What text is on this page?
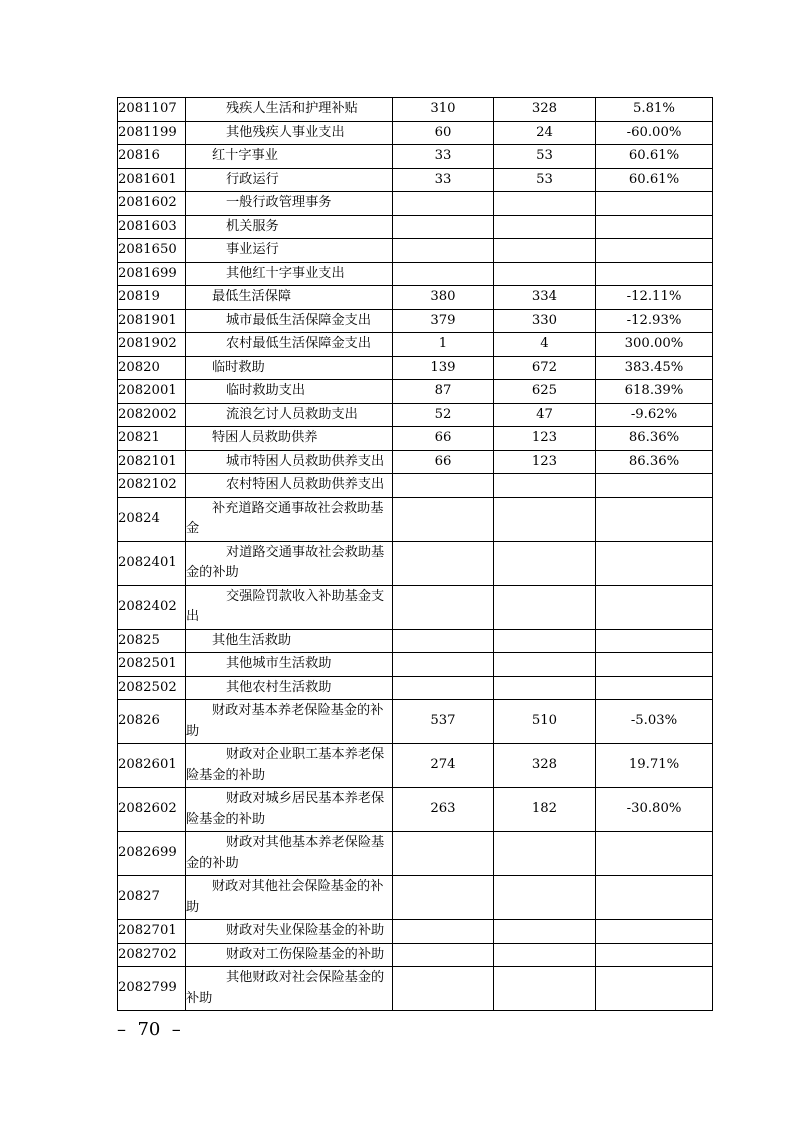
2081107	残疾人生活和护理补贴	310	328	5.81%
2081199	其他残疾人事业支出	60	24	-60.00%
20816	红十字事业	33	53	60.61%
2081601	行政运行	33	53	60.61%
2081602	一般行政管理事务			
2081603	机关服务			
2081650	事业运行			
2081699	其他红十字事业支出			
20819	最低生活保障	380	334	-12.11%
2081901	城市最低生活保障金支出	379	330	-12.93%
2081902	农村最低生活保障金支出	1	4	300.00%
20820	临时救助	139	672	383.45%
2082001	临时救助支出	87	625	618.39%
2082002	流浪乞讨人员救助支出	52	47	-9.62%
20821	特困人员救助供养	66	123	86.36%
2082101	城市特困人员救助供养支出	66	123	86.36%
2082102	农村特困人员救助供养支出			
20824	补充道路交通事故社会救助基金			
2082401	对道路交通事故社会救助基金的补助			
2082402	交强险罚款收入补助基金支出			
20825	其他生活救助			
2082501	其他城市生活救助			
2082502	其他农村生活救助			
20826	财政对基本养老保险基金的补助	537	510	-5.03%
2082601	财政对企业职工基本养老保险基金的补助	274	328	19.71%
2082602	财政对城乡居民基本养老保险基金的补助	263	182	-30.80%
2082699	财政对其他基本养老保险基金的补助			
20827	财政对其他社会保险基金的补助			
2082701	财政对失业保险基金的补助			
2082702	财政对工伤保险基金的补助			
2082799	其他财政对社会保险基金的补助			
–  70  –
